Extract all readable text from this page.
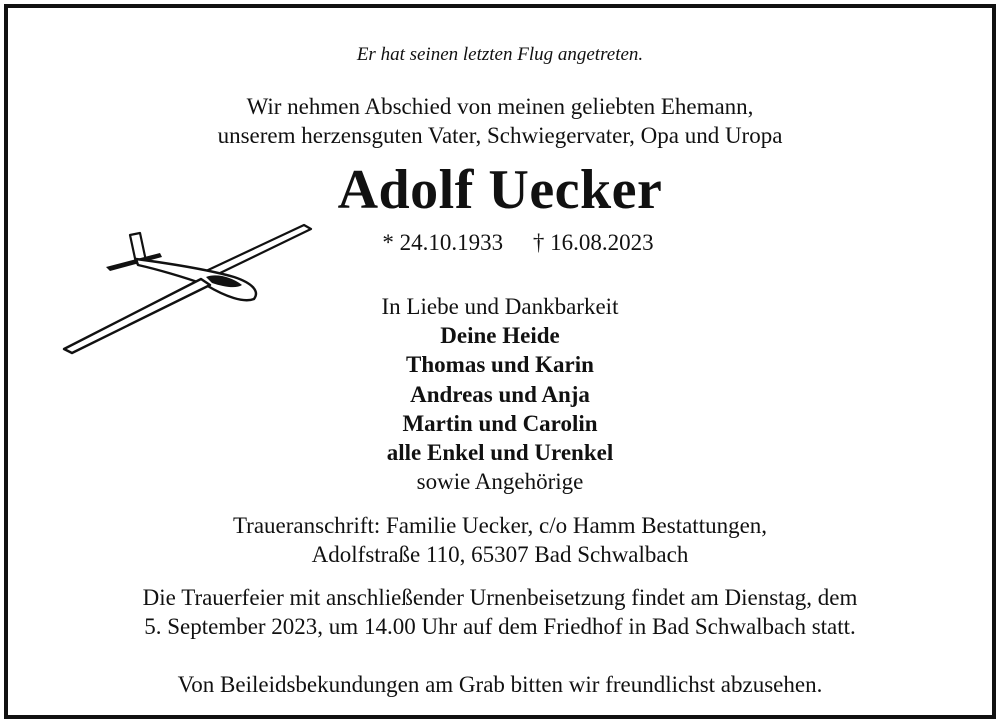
Er hat seinen letzten Flug angetreten.
Wir nehmen Abschied von meinen geliebten Ehemann,
unserem herzensguten Vater, Schwiegervater, Opa und Uropa
Adolf Uecker
* 24.10.1933 † 16.08.2023
In Liebe und Dankbarkeit
Deine Heide
Thomas und Karin
Andreas und Anja
Martin und Carolin
alle Enkel und Urenkel
sowie Angehörige
Traueranschrift: Familie Uecker, c/o Hamm Bestattungen,
Adolfstraße 110, 65307 Bad Schwalbach
Die Trauerfeier mit anschließender Urnenbeisetzung findet am Dienstag, dem
5. September 2023, um 14.00 Uhr auf dem Friedhof in Bad Schwalbach statt.
Von Beileidsbekundungen am Grab bitten wir freundlichst abzusehen.
